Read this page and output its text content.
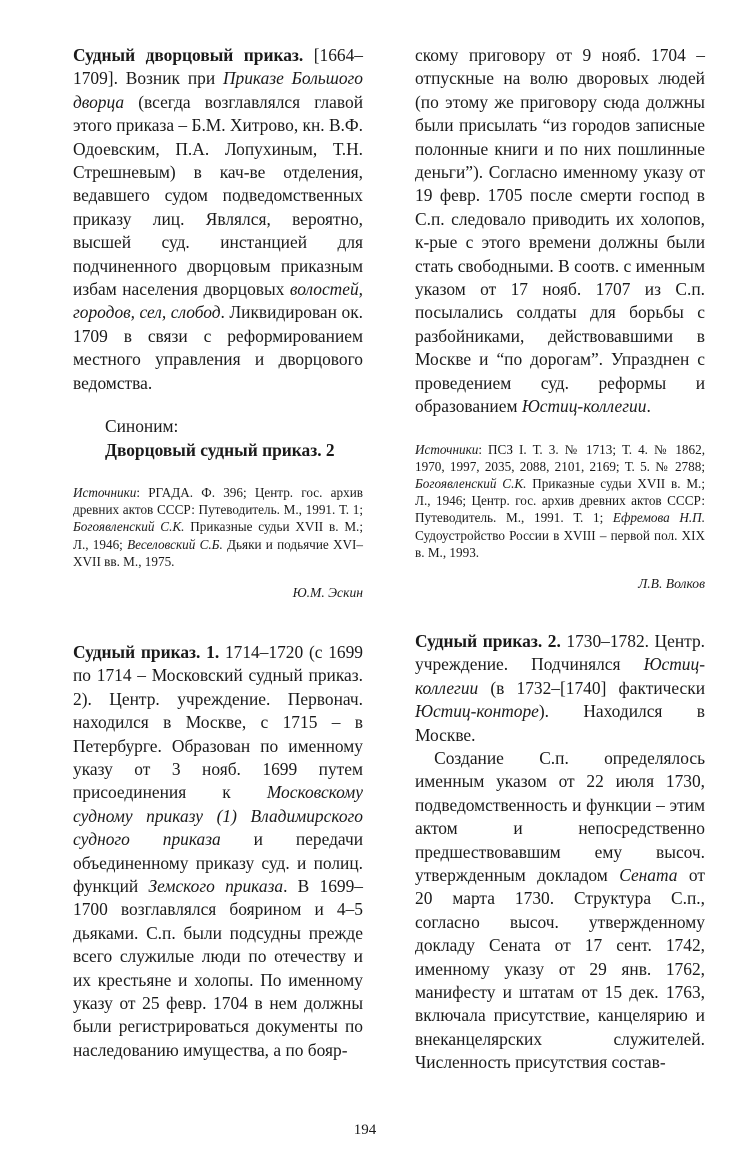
Судный дворцовый приказ. [1664–1709]. Возник при Приказе Большого дворца (всегда возглавлялся главой этого приказа – Б.М. Хитрово, кн. В.Ф. Одоевским, П.А. Лопухиным, Т.Н. Стрешневым) в кач-ве отделения, ведавшего судом подведомственных приказу лиц. Являлся, вероятно, высшей суд. инстанцией для подчиненного дворцовым приказным избам населения дворцовых волостей, городов, сел, слобод. Ликвидирован ок. 1709 в связи с реформированием местного управления и дворцового ведомства.

Синоним:
Дворцовый судный приказ. 2
Источники: РГАДА. Ф. 396; Центр. гос. архив древних актов СССР: Путеводитель. М., 1991. Т. 1; Богоявленский С.К. Приказные судьи XVII в. М.; Л., 1946; Веселовский С.Б. Дьяки и подьячие XVI–XVII вв. М., 1975.
Ю.М. Эскин

Судный приказ. 1. 1714–1720 (с 1699 по 1714 – Московский судный приказ. 2). Центр. учреждение. Первонач. находился в Москве, с 1715 – в Петербурге. Образован по именному указу от 3 нояб. 1699 путем присоединения к Московскому судному приказу (1) Владимирского судного приказа и передачи объединенному приказу суд. и полиц. функций Земского приказа. В 1699–1700 возглавлялся боярином и 4–5 дьяками. С.п. были подсудны прежде всего служилые люди по отечеству и их крестьяне и холопы. По именному указу от 25 февр. 1704 в нем должны были регистрироваться документы по наследованию имущества, а по бояр-

скому приговору от 9 нояб. 1704 – отпускные на волю дворовых людей (по этому же приговору сюда должны были присылать “из городов записные полонные книги и по них пошлинные деньги”). Согласно именному указу от 19 февр. 1705 после смерти господ в С.п. следовало приводить их холопов, к-рые с этого времени должны были стать свободными. В соотв. с именным указом от 17 нояб. 1707 из С.п. посылались солдаты для борьбы с разбойниками, действовавшими в Москве и “по дорогам”. Упразднен с проведением суд. реформы и образованием Юстиц-коллегии.

Источники: ПСЗ I. Т. 3. № 1713; Т. 4. № 1862, 1970, 1997, 2035, 2088, 2101, 2169; Т. 5. № 2788; Богоявленский С.К. Приказные судьи XVII в. М.; Л., 1946; Центр. гос. архив древних актов СССР: Путеводитель. М., 1991. Т. 1; Ефремова Н.П. Судоустройство России в XVIII – первой пол. XIX в. М., 1993.
Л.В. Волков

Судный приказ. 2. 1730–1782. Центр. учреждение. Подчинялся Юстиц-коллегии (в 1732–[1740] фактически Юстиц-конторе). Находился в Москве.

Создание С.п. определялось именным указом от 22 июля 1730, подведомственность и функции – этим актом и непосредственно предшествовавшим ему высоч. утвержденным докладом Сената от 20 марта 1730. Структура С.п., согласно высоч. утвержденному докладу Сената от 17 сент. 1742, именному указу от 29 янв. 1762, манифесту и штатам от 15 дек. 1763, включала присутствие, канцелярию и внеканцелярских служителей. Численность присутствия состав-

194
